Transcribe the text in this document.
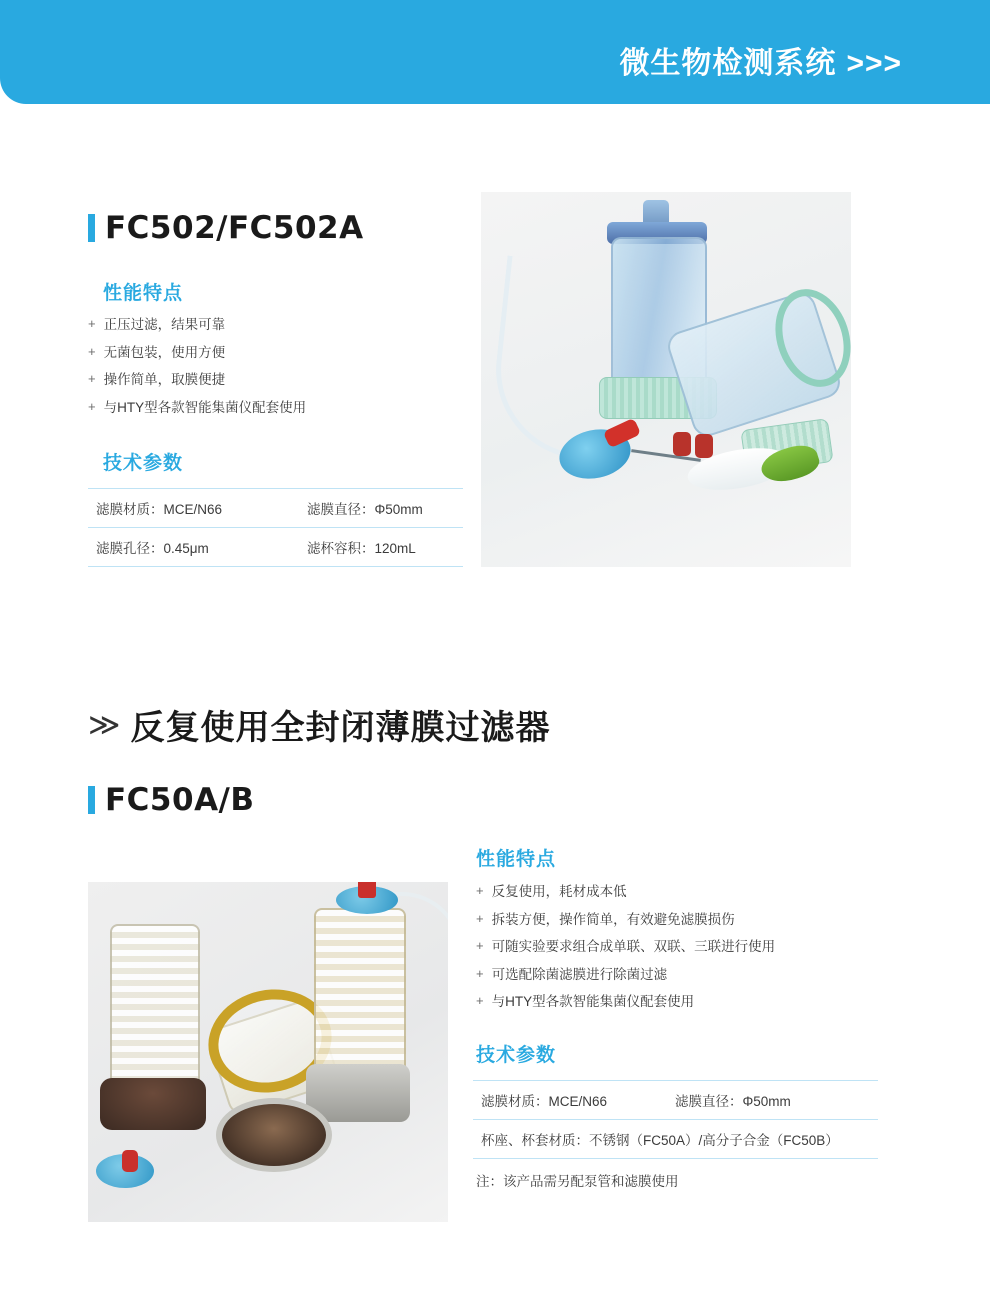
微生物检测系统 >>>
FC502/FC502A
性能特点
+ 正压过滤，结果可靠
+ 无菌包装，使用方便
+ 操作简单，取膜便捷
+ 与HTY型各款智能集菌仪配套使用
技术参数
滤膜材质：MCE/N66	滤膜直径：Φ50mm
滤膜孔径：0.45μm	滤杯容积：120mL
≫ 反复使用全封闭薄膜过滤器
FC50A/B
性能特点
+ 反复使用，耗材成本低
+ 拆装方便，操作简单，有效避免滤膜损伤
+ 可随实验要求组合成单联、双联、三联进行使用
+ 可选配除菌滤膜进行除菌过滤
+ 与HTY型各款智能集菌仪配套使用
技术参数
滤膜材质：MCE/N66	滤膜直径：Φ50mm
杯座、杯套材质：不锈钢（FC50A）/高分子合金（FC50B）
注：该产品需另配泵管和滤膜使用
